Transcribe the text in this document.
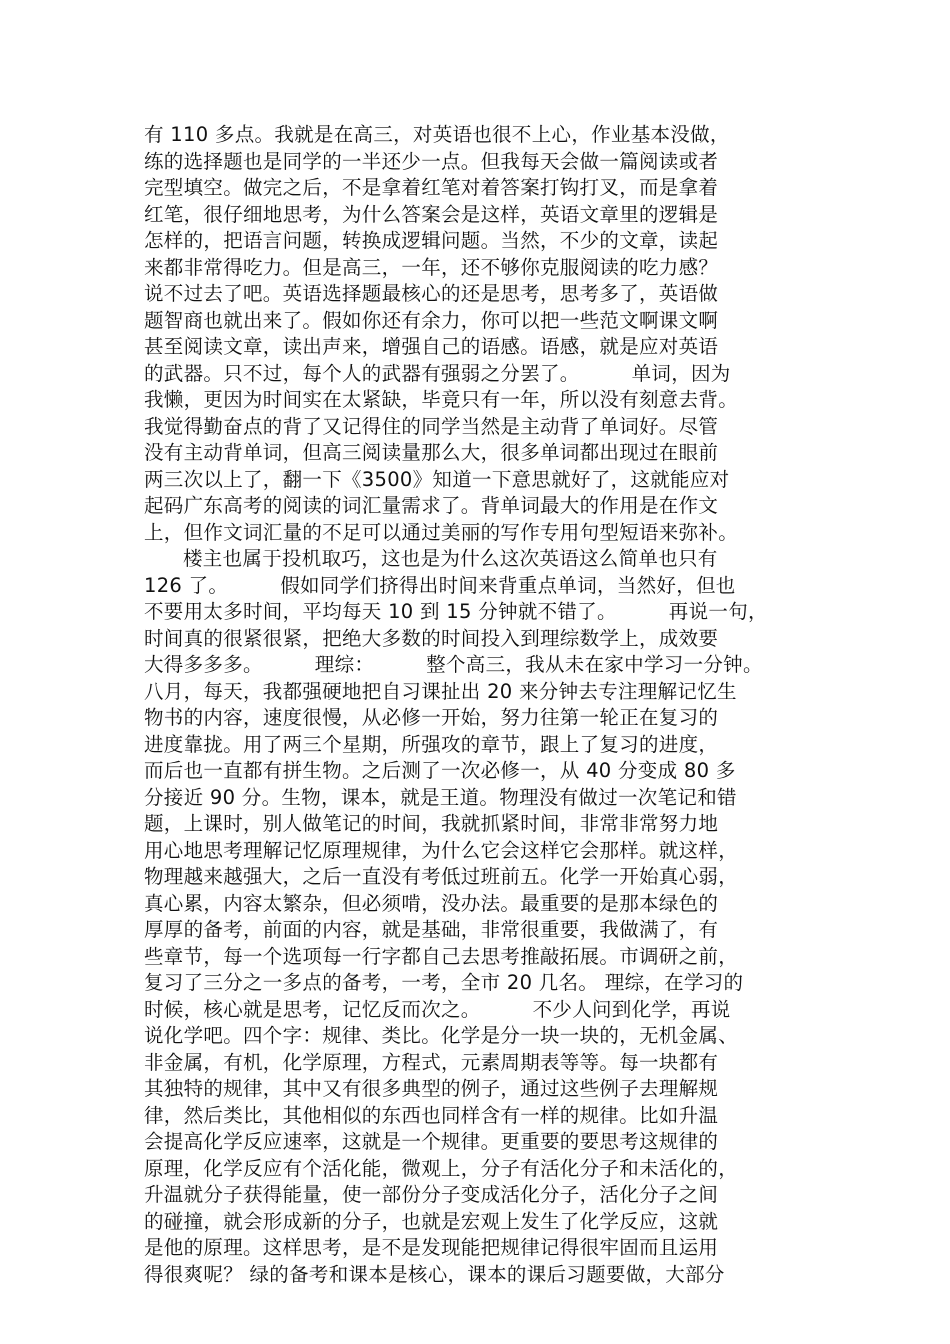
有 110 多点。我就是在高三，对英语也很不上心，作业基本没做，
练的选择题也是同学的一半还少一点。但我每天会做一篇阅读或者
完型填空。做完之后，不是拿着红笔对着答案打钩打叉，而是拿着
红笔，很仔细地思考，为什么答案会是这样，英语文章里的逻辑是
怎样的，把语言问题，转换成逻辑问题。当然，不少的文章，读起
来都非常得吃力。但是高三，一年，还不够你克服阅读的吃力感？
说不过去了吧。英语选择题最核心的还是思考，思考多了，英语做
题智商也就出来了。假如你还有余力，你可以把一些范文啊课文啊
甚至阅读文章，读出声来，增强自己的语感。语感，就是应对英语
的武器。只不过，每个人的武器有强弱之分罢了。        单词，因为
我懒，更因为时间实在太紧缺，毕竟只有一年，所以没有刻意去背。
我觉得勤奋点的背了又记得住的同学当然是主动背了单词好。尽管
没有主动背单词，但高三阅读量那么大，很多单词都出现过在眼前
两三次以上了，翻一下《3500》知道一下意思就好了，这就能应对
起码广东高考的阅读的词汇量需求了。背单词最大的作用是在作文
上，但作文词汇量的不足可以通过美丽的写作专用句型短语来弥补。
楼主也属于投机取巧，这也是为什么这次英语这么简单也只有
126 了。        假如同学们挤得出时间来背重点单词，当然好，但也
不要用太多时间，平均每天 10 到 15 分钟就不错了。        再说一句，
时间真的很紧很紧，把绝大多数的时间投入到理综数学上，成效要
大得多多多。        理综：        整个高三，我从未在家中学习一分钟。
八月，每天，我都强硬地把自习课扯出 20 来分钟去专注理解记忆生
物书的内容，速度很慢，从必修一开始，努力往第一轮正在复习的
进度靠拢。用了两三个星期，所强攻的章节，跟上了复习的进度，
而后也一直都有拼生物。之后测了一次必修一，从 40 分变成 80 多
分接近 90 分。生物，课本，就是王道。物理没有做过一次笔记和错
题，上课时，别人做笔记的时间，我就抓紧时间，非常非常努力地
用心地思考理解记忆原理规律，为什么它会这样它会那样。就这样，
物理越来越强大，之后一直没有考低过班前五。化学一开始真心弱，
真心累，内容太繁杂，但必须啃，没办法。最重要的是那本绿色的
厚厚的备考，前面的内容，就是基础，非常很重要，我做满了，有
些章节，每一个选项每一行字都自己去思考推敲拓展。市调研之前，
复习了三分之一多点的备考，一考，全市 20 几名。 理综，在学习的
时候，核心就是思考，记忆反而次之。        不少人问到化学，再说
说化学吧。四个字：规律、类比。化学是分一块一块的，无机金属、
非金属，有机，化学原理，方程式，元素周期表等等。每一块都有
其独特的规律，其中又有很多典型的例子，通过这些例子去理解规
律，然后类比，其他相似的东西也同样含有一样的规律。比如升温
会提高化学反应速率，这就是一个规律。更重要的要思考这规律的
原理，化学反应有个活化能，微观上，分子有活化分子和未活化的，
升温就分子获得能量，使一部份分子变成活化分子，活化分子之间
的碰撞，就会形成新的分子，也就是宏观上发生了化学反应，这就
是他的原理。这样思考，是不是发现能把规律记得很牢固而且运用
得很爽呢？ 绿的备考和课本是核心，课本的课后习题要做，大部分
